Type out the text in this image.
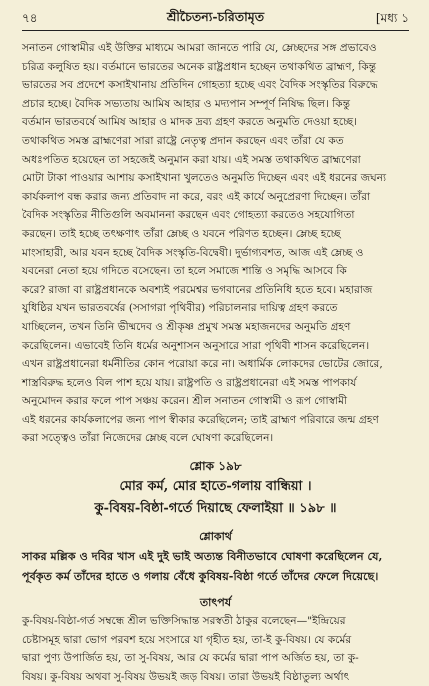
৭৪	শ্রীচৈতন্য-চরিতামৃত	[মধ্য ১

সনাতন গোস্বামীর এই উক্তির মাধ্যমে আমরা জানতে পারি যে, ম্লেচ্ছদের সঙ্গ প্রভাবেও

চরিত্র কলুষিত হয়। বর্তমানে ভারতের অনেক রাষ্ট্রপ্রধান হচ্ছেন তথাকথিত ব্রাহ্মণ, কিন্তু

ভারতের সব প্রদেশে কসাইখানায় প্রতিদিন গোহত্যা হচ্ছে এবং বৈদিক সংস্কৃতির বিরুদ্ধে

প্রচার হচ্ছে। বৈদিক সভ্যতায় আমিষ আহার ও মদ্যপান সম্পূর্ণ নিষিদ্ধ ছিল। কিন্তু

বর্তমান ভারতবর্ষে আমিষ আহার ও মাদক দ্রব্য গ্রহণ করতে অনুমতি দেওয়া হচ্ছে।

তথাকথিত সমস্ত ব্রাহ্মণেরা সারা রাষ্ট্রে নেতৃত্ব প্রদান করছেন এবং তাঁরা যে কত

অধঃপতিত হয়েছেন তা সহজেই অনুমান করা যায়। এই সমস্ত তথাকথিত ব্রাহ্মণেরা

মোটা টাকা পাওয়ার আশায় কসাইখানা খুলতেও অনুমতি দিচ্ছেন এবং এই ধরনের জঘন্য

কার্যকলাপ বন্ধ করার জন্য প্রতিবাদ না করে, বরং এই কার্যে অনুপ্রেরণা দিচ্ছেন। তাঁরা

বৈদিক সংস্কৃতির নীতিগুলি অবমাননা করছেন এবং গোহত্যা করতেও সহযোগিতা

করছেন। তাই হচ্ছে তৎক্ষণাৎ তাঁরা ম্লেচ্ছ ও যবনে পরিণত হচ্ছেন। ম্লেচ্ছ হচ্ছে

মাংসাহারী, আর যবন হচ্ছে বৈদিক সংস্কৃতি-বিদ্বেষী। দুর্ভাগ্যবশত, আজ এই ম্লেচ্ছ ও

যবনেরা নেতা হয়ে গদিতে বসেছেন। তা হলে সমাজে শান্তি ও সমৃদ্ধি আসবে কি

করে? রাজা বা রাষ্ট্রপ্রধানকে অবশ্যই পরমেশ্বর ভগবানের প্রতিনিধি হতে হবে। মহারাজ

যুধিষ্ঠির যখন ভারতবর্ষের (সসাগরা পৃথিবীর) পরিচালনার দায়িত্ব গ্রহণ করতে

যাচ্ছিলেন, তখন তিনি ভীষ্মদেব ও শ্রীকৃষ্ণ প্রমুখ সমস্ত মহাজনদের অনুমতি গ্রহণ

করেছিলেন। এভাবেই তিনি ধর্মের অনুশাসন অনুসারে সারা পৃথিবী শাসন করেছিলেন।

এখন রাষ্ট্রপ্রধানেরা ধর্মনীতির কোন পরোয়া করে না। অধার্মিক লোকদের ভোটের জোরে,

শাস্ত্রবিরুদ্ধ হলেও বিল পাশ হয়ে যায়। রাষ্ট্রপতি ও রাষ্ট্রপ্রধানেরা এই সমস্ত পাপকার্য

অনুমোদন করার ফলে পাপ সঞ্চয় করেন। শ্রীল সনাতন গোস্বামী ও রূপ গোস্বামী

এই ধরনের কার্যকলাপের জন্য পাপ স্বীকার করেছিলেন; তাই ব্রাহ্মণ পরিবারে জন্ম গ্রহণ

করা সত্ত্বেও তাঁরা নিজেদের ম্লেচ্ছ বলে ঘোষণা করেছিলেন।

শ্লোক ১৯৮
মোর কর্ম, মোর হাতে-গলায় বান্ধিয়া ।
কু-বিষয়-বিষ্ঠা-গর্তে দিয়াছে ফেলাইয়া ॥ ১৯৮ ॥
শ্লোকার্থ
সাকর মল্লিক ও দবির খাস এই দুই ভাই অত্যন্ত বিনীতভাবে ঘোষণা করেছিলেন যে,
পূর্বকৃত কর্ম তাঁদের হাতে ও গলায় বেঁধে কুবিষয়-বিষ্ঠা গর্তে তাঁদের ফেলে দিয়েছে।
তাৎপর্য

কু-বিষয়-বিষ্ঠা-গর্ত সম্বন্ধে শ্রীল ভক্তিসিদ্ধান্ত সরস্বতী ঠাকুর বলেছেন—"ইন্দ্রিয়ের

চেষ্টাসমূহ দ্বারা ভোগ পরবশ হয়ে সংসারে যা গৃহীত হয়, তা-ই কু-বিষয়। যে কর্মের

দ্বারা পুণ্য উপার্জিত হয়, তা সু-বিষয়, আর যে কর্মের দ্বারা পাপ অর্জিত হয়, তা কু-

বিষয়। কু-বিষয় অথবা সু-বিষয় উভয়ই জড় বিষয়। তারা উভয়ই বিষ্ঠাতুল্য অর্থাৎ
